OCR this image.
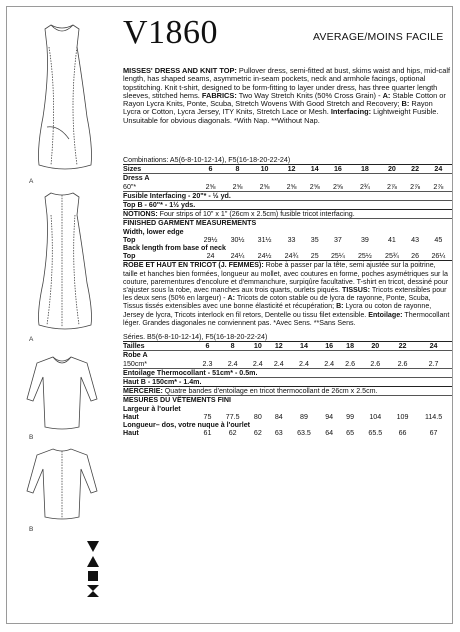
A
A
B
B
V1860	AVERAGE/MOINS FACILE
MISSES' DRESS AND KNIT TOP: Pullover dress, semi-fitted at bust, skims waist and hips, mid-calf length, has shaped seams, asymmetric in-seam pockets, neck and armhole facings, optional topstitching. Knit t-shirt, designed to be form-fitting to layer under dress, has three quarter length sleeves, stitched hems. FABRICS: Two Way Stretch Knits (50% Cross Grain) - A: Stable Cotton or Rayon Lycra Knits, Ponte, Scuba, Stretch Wovens With Good Stretch and Recovery; B: Rayon Lycra or Cotton, Lycra Jersey, ITY Knits, Stretch Lace or Mesh. Interfacing: Lightweight Fusible. Unsuitable for obvious diagonals. *With Nap. **Without Nap.
Combinations: A5(6-8-10-12-14), F5(16-18-20-22-24)
Sizes	6	8	10	12	14	16	18	20	22	24
Dress A										
60"*	2⅝	2⅝	2⅝	2⅝	2⅝	2⅝	2¾	2⅞	2⅞	2⅞
Fusible Interfacing - 20"* - ½ yd.										
Top B - 60"* - 1½ yds.										
NOTIONS: Four strips of 10" x 1" (26cm x 2.5cm) fusible tricot interfacing.										
FINISHED GARMENT MEASUREMENTS										
Width, lower edge										
Top	29½	30½	31½	33	35	37	39	41	43	45
Back length from base of neck										
Top	24	24¼	24½	24¾	25	25¼	25½	25¾	26	26¼
ROBE ET HAUT EN TRICOT (J. FEMMES): Robe à passer par la tête, semi ajustée sur la poitrine, taille et hanches bien formées, longueur au mollet, avec coutures en forme, poches asymétriques sur la couture, parementures d'encolure et d'emmanchure, surpiqûre facultative. T-shirt en tricot, dessiné pour s'ajuster sous la robe, avec manches aux trois quarts, ourlets piqués. TISSUS: Tricots extensibles pour les deux sens (50% en largeur) - A: Tricots de coton stable ou de lycra de rayonne, Ponte, Scuba, Tissus tissés extensibles avec une bonne élasticité et récupération; B: Lycra ou coton de rayonne, Jersey de lycra, Tricots interlock en fil retors, Dentelle ou tissu filet extensible. Entoilage: Thermocollant léger. Grandes diagonales ne conviennent pas. *Avec Sens. **Sans Sens.
Séries. B5(6-8-10-12-14), F5(16-18-20-22-24)
Tailles	6	8	10	12	14	16	18	20	22	24
Robe A										
150cm*	2.3	2.4	2.4	2.4	2.4	2.4	2.6	2.6	2.6	2.7
Entoilage Thermocollant - 51cm* - 0.5m.										
Haut B - 150cm* - 1.4m.										
MERCERIE: Quatre bandes d'entoilage en tricot thermocollant de 26cm x 2.5cm.										
MESURES DU VÊTEMENTS FINI										
Largeur à l'ourlet										
Haut	75	77.5	80	84	89	94	99	104	109	114.5
Longueur– dos, votre nuque à l'ourlet										
Haut	61	62	62	63	63.5	64	65	65.5	66	67
